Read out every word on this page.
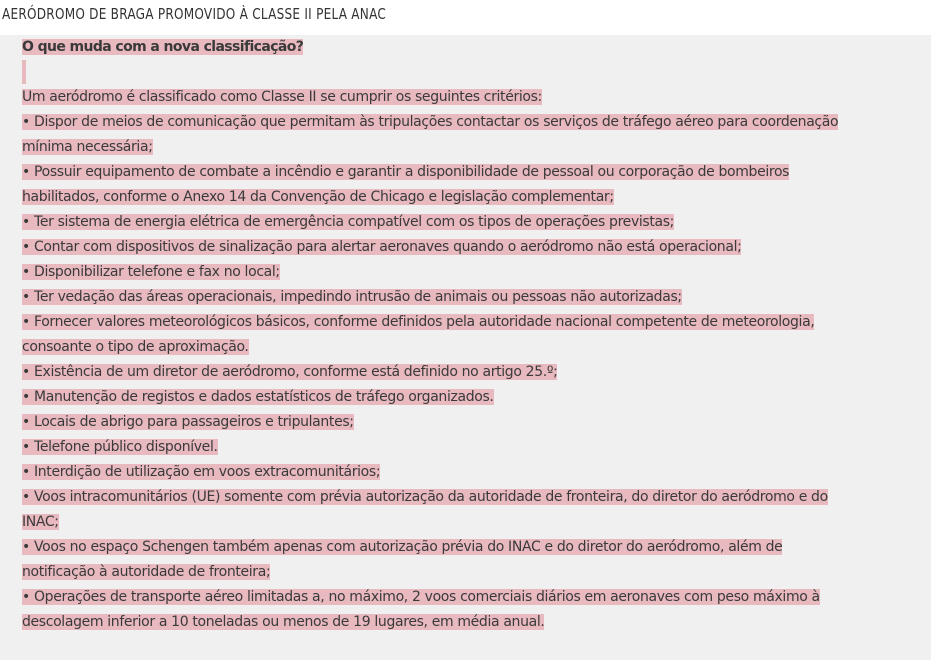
AERÓDROMO DE BRAGA PROMOVIDO À CLASSE II PELA ANAC

O que muda com a nova classificação?

Um aeródromo é classificado como Classe II se cumprir os seguintes critérios:

• Dispor de meios de comunicação que permitam às tripulações contactar os serviços de tráfego aéreo para coordenação mínima necessária;

• Possuir equipamento de combate a incêndio e garantir a disponibilidade de pessoal ou corporação de bombeiros habilitados, conforme o Anexo 14 da Convenção de Chicago e legislação complementar;

• Ter sistema de energia elétrica de emergência compatível com os tipos de operações previstas;

• Contar com dispositivos de sinalização para alertar aeronaves quando o aeródromo não está operacional;

• Disponibilizar telefone e fax no local;

• Ter vedação das áreas operacionais, impedindo intrusão de animais ou pessoas não autorizadas;

• Fornecer valores meteorológicos básicos, conforme definidos pela autoridade nacional competente de meteorologia, consoante o tipo de aproximação.

• Existência de um diretor de aeródromo, conforme está definido no artigo 25.º;

• Manutenção de registos e dados estatísticos de tráfego organizados.

• Locais de abrigo para passageiros e tripulantes;

• Telefone público disponível.

• Interdição de utilização em voos extracomunitários;

• Voos intracomunitários (UE) somente com prévia autorização da autoridade de fronteira, do diretor do aeródromo e do INAC;

• Voos no espaço Schengen também apenas com autorização prévia do INAC e do diretor do aeródromo, além de notificação à autoridade de fronteira;

• Operações de transporte aéreo limitadas a, no máximo, 2 voos comerciais diários em aeronaves com peso máximo à descolagem inferior a 10 toneladas ou menos de 19 lugares, em média anual.
